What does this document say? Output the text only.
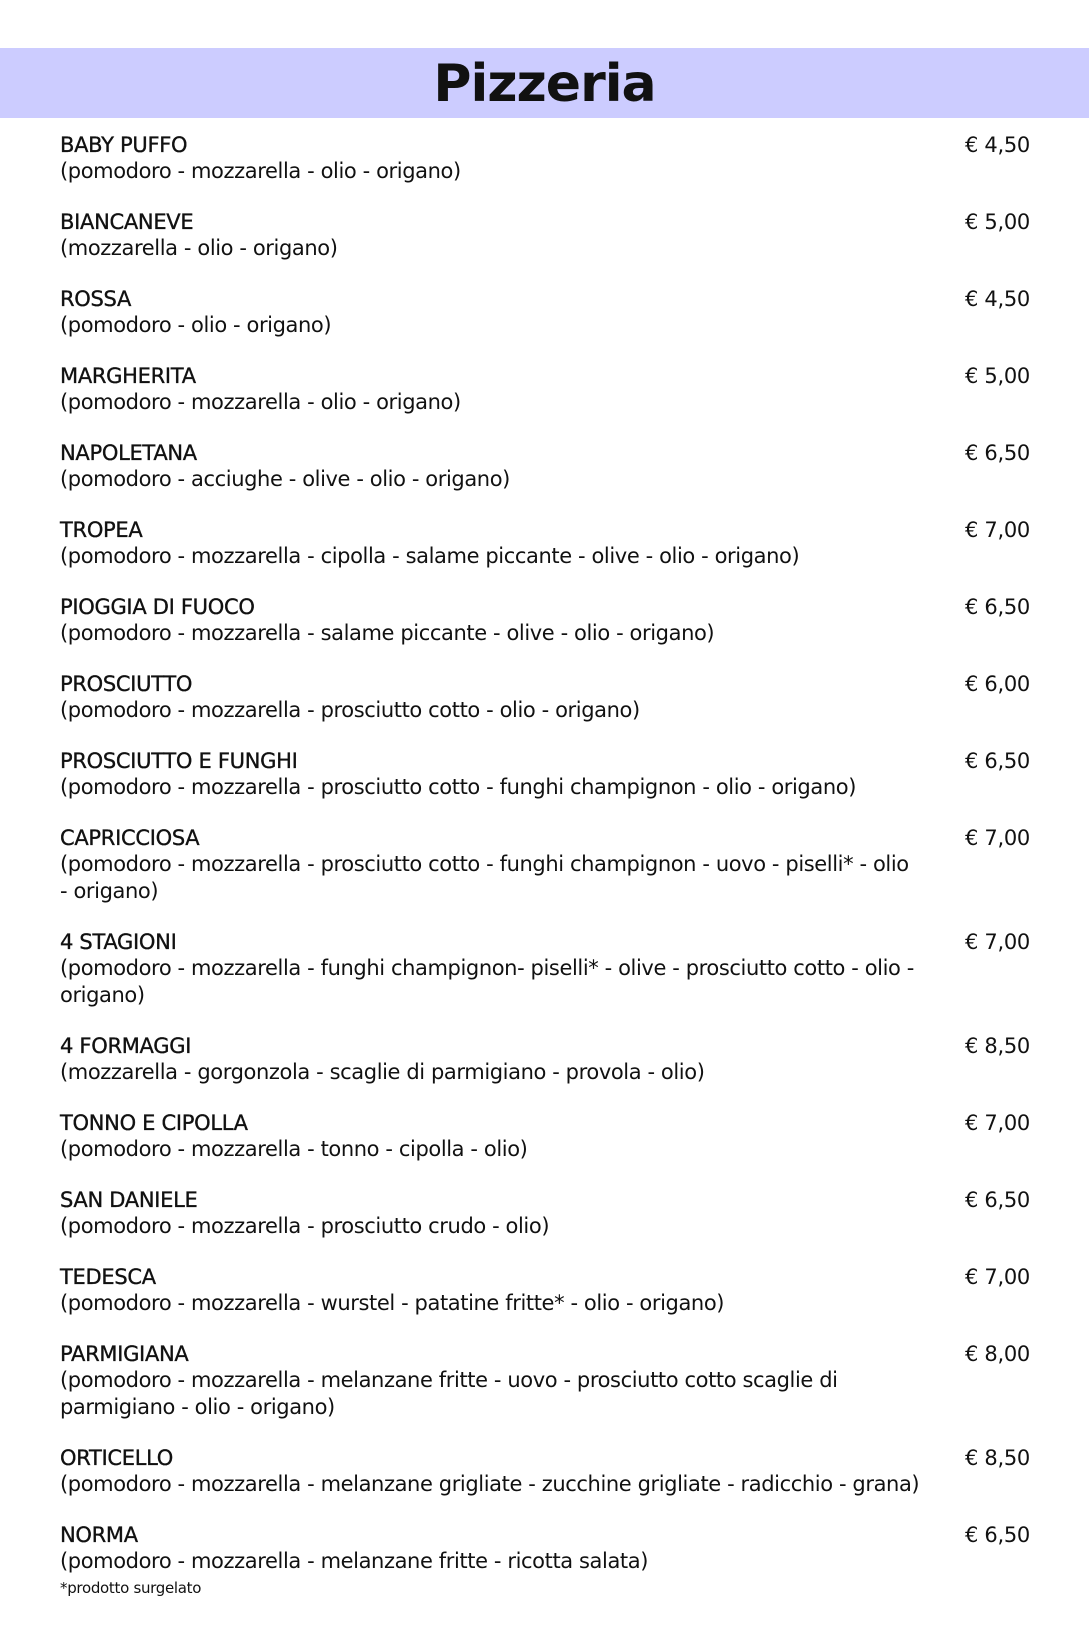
Pizzeria
BABY PUFFO
(pomodoro - mozzarella - olio - origano)
€ 4,50
BIANCANEVE
(mozzarella - olio - origano)
€ 5,00
ROSSA
(pomodoro - olio - origano)
€ 4,50
MARGHERITA
(pomodoro - mozzarella - olio - origano)
€ 5,00
NAPOLETANA
(pomodoro - acciughe - olive - olio - origano)
€ 6,50
TROPEA
(pomodoro - mozzarella - cipolla - salame piccante - olive - olio - origano)
€ 7,00
PIOGGIA DI FUOCO
(pomodoro - mozzarella - salame piccante - olive - olio - origano)
€ 6,50
PROSCIUTTO
(pomodoro - mozzarella - prosciutto cotto - olio - origano)
€ 6,00
PROSCIUTTO E FUNGHI
(pomodoro - mozzarella - prosciutto cotto - funghi champignon - olio - origano)
€ 6,50
CAPRICCIOSA
(pomodoro - mozzarella - prosciutto cotto - funghi champignon - uovo - piselli* - olio - origano)
€ 7,00
4 STAGIONI
(pomodoro - mozzarella - funghi champignon- piselli* - olive - prosciutto cotto - olio - origano)
€ 7,00
4 FORMAGGI
(mozzarella - gorgonzola - scaglie di parmigiano - provola - olio)
€ 8,50
TONNO E CIPOLLA
(pomodoro - mozzarella - tonno - cipolla - olio)
€ 7,00
SAN DANIELE
(pomodoro - mozzarella - prosciutto crudo - olio)
€ 6,50
TEDESCA
(pomodoro - mozzarella - wurstel - patatine fritte* - olio - origano)
€ 7,00
PARMIGIANA
(pomodoro - mozzarella - melanzane fritte - uovo - prosciutto cotto scaglie di parmigiano - olio - origano)
€ 8,00
ORTICELLO
(pomodoro - mozzarella - melanzane grigliate - zucchine grigliate - radicchio - grana)
€ 8,50
NORMA
(pomodoro - mozzarella - melanzane fritte - ricotta salata)
€ 6,50

*prodotto surgelato
